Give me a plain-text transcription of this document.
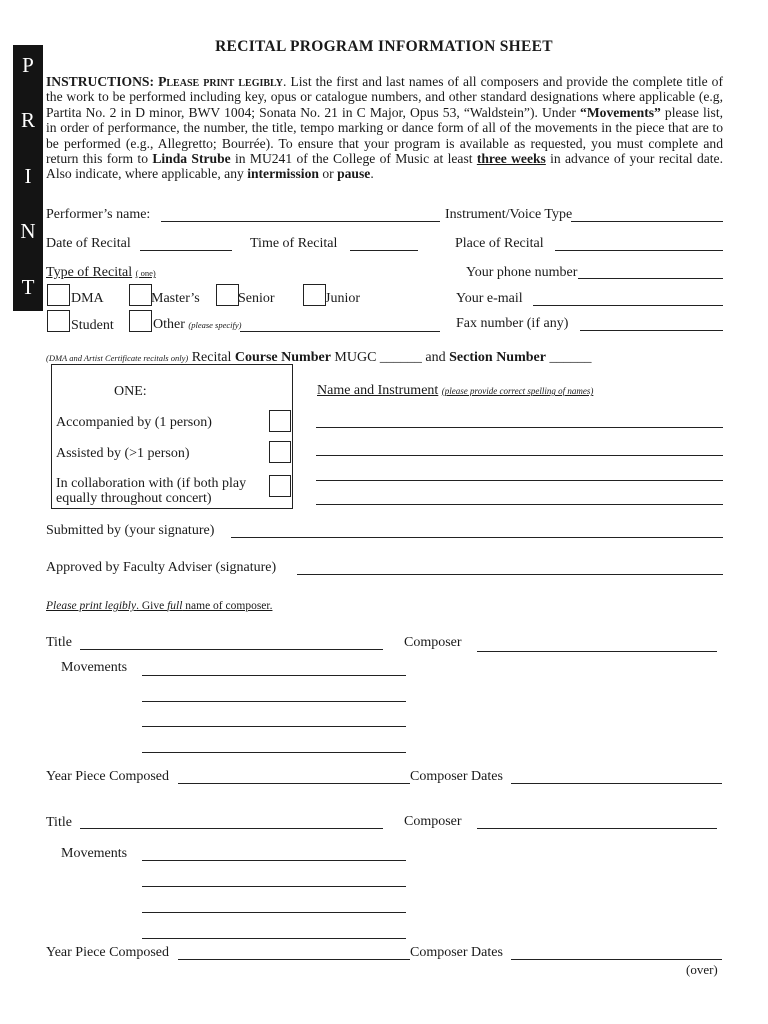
P
R
I
N
T
RECITAL PROGRAM INFORMATION SHEET
INSTRUCTIONS: Please print legibly. List the first and last names of all composers and provide the complete title of the work to be performed including key, opus or catalogue numbers, and other standard designations where applicable (e.g, Partita No. 2 in D minor, BWV 1004; Sonata No. 21 in C Major, Opus 53, “Waldstein”). Under “Movements” please list, in order of performance, the number, the title, tempo marking or dance form of all of the movements in the piece that are to be performed (e.g., Allegretto; Bourrée). To ensure that your program is available as requested, you must complete and return this form to Linda Strube in MU241 of the College of Music at least three weeks in advance of your recital date. Also indicate, where applicable, any intermission or pause.
Performer’s name:	Instrument/Voice Type
Date of Recital	Time of Recital	Place of Recital
Type of Recital ( one)	Your phone number
DMA	Master’s	Senior	Junior	Your e-mail
Student	Other (please specify)	Fax number (if any)
(DMA and Artist Certificate recitals only) Recital Course Number MUGC ______ and Section Number ______
ONE:
Accompanied by (1 person)
Assisted by (>1 person)
In collaboration with (if both play
equally throughout concert)
Name and Instrument (please provide correct spelling of names)
Submitted by (your signature)
Approved by Faculty Adviser (signature)
Please print legibly. Give full name of composer.
Title	Composer
Movements
Year Piece Composed	Composer Dates
Title	Composer
Movements
Year Piece Composed	Composer Dates
(over)
